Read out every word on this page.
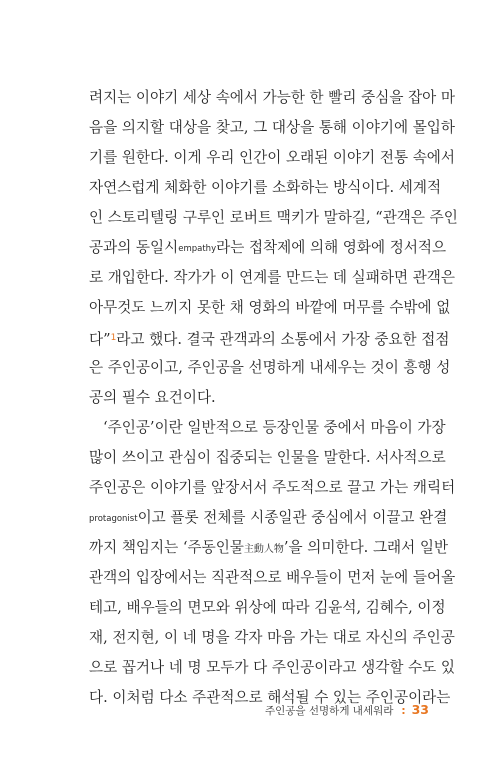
려지는 이야기 세상 속에서 가능한 한 빨리 중심을 잡아 마
음을 의지할 대상을 찾고, 그 대상을 통해 이야기에 몰입하
기를 원한다. 이게 우리 인간이 오래된 이야기 전통 속에서
자연스럽게 체화한 이야기를 소화하는 방식이다. 세계적
인 스토리텔링 구루인 로버트 맥키가 말하길, “관객은 주인
공과의 동일시empathy라는 접착제에 의해 영화에 정서적으
로 개입한다. 작가가 이 연계를 만드는 데 실패하면 관객은
아무것도 느끼지 못한 채 영화의 바깥에 머무를 수밖에 없
다”$^1$라고 했다. 결국 관객과의 소통에서 가장 중요한 접점
은 주인공이고, 주인공을 선명하게 내세우는 것이 흥행 성
공의 필수 요건이다.
‘주인공’이란 일반적으로 등장인물 중에서 마음이 가장
많이 쓰이고 관심이 집중되는 인물을 말한다. 서사적으로
주인공은 이야기를 앞장서서 주도적으로 끌고 가는 캐릭터
protagonist이고 플롯 전체를 시종일관 중심에서 이끌고 완결
까지 책임지는 ‘주동인물主動人物’을 의미한다. 그래서 일반
관객의 입장에서는 직관적으로 배우들이 먼저 눈에 들어올
테고, 배우들의 면모와 위상에 따라 김윤석, 김혜수, 이정
재, 전지현, 이 네 명을 각자 마음 가는 대로 자신의 주인공
으로 꼽거나 네 명 모두가 다 주인공이라고 생각할 수도 있
다. 이처럼 다소 주관적으로 해석될 수 있는 주인공이라는
주인공을 선명하게 내세워라 : 33
